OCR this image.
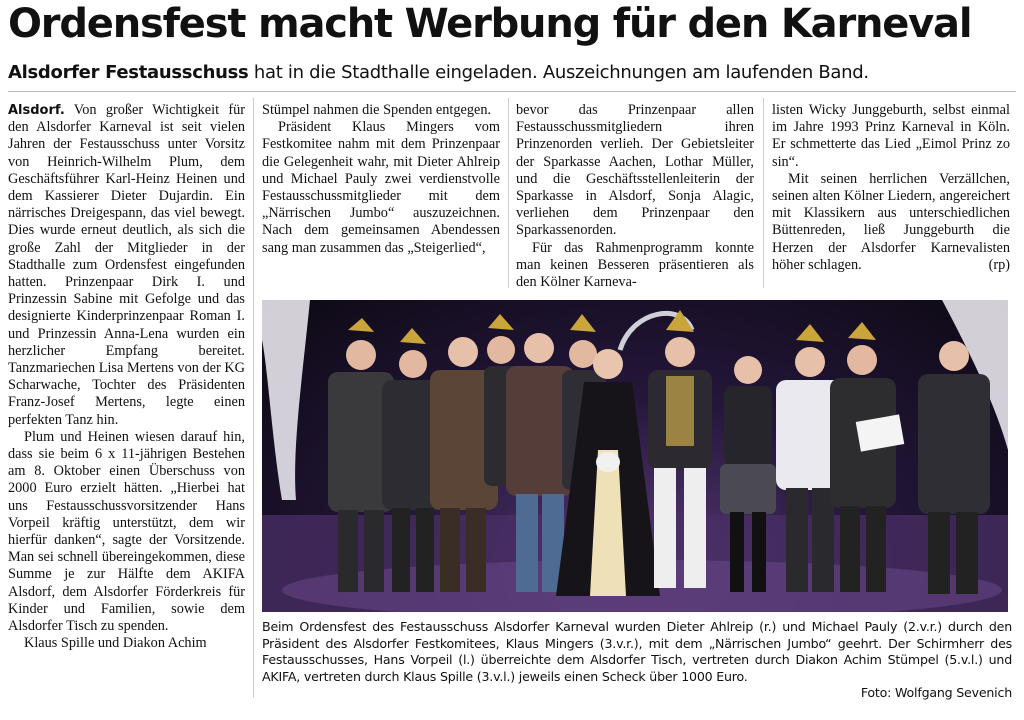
Ordensfest macht Werbung für den Karneval
Alsdorfer Festausschuss hat in die Stadthalle eingeladen. Auszeichnungen am laufenden Band.

Alsdorf. Von großer Wichtigkeit für den Alsdorfer Karneval ist seit vielen Jahren der Festausschuss unter Vorsitz von Heinrich-Wilhelm Plum, dem Geschäftsführer Karl-Heinz Heinen und dem Kassierer Dieter Dujardin. Ein närrisches Dreigespann, das viel bewegt. Dies wurde erneut deutlich, als sich die große Zahl der Mitglieder in der Stadthalle zum Ordensfest eingefunden hatten. Prinzenpaar Dirk I. und Prinzessin Sabine mit Gefolge und das designierte Kinderprinzenpaar Roman I. und Prinzessin Anna-Lena wurden ein herzlicher Empfang bereitet. Tanzmariechen Lisa Mertens von der KG Scharwache, Tochter des Präsidenten Franz-Josef Mertens, legte einen perfekten Tanz hin.

Plum und Heinen wiesen darauf hin, dass sie beim 6 x 11-jährigen Bestehen am 8. Oktober einen Überschuss von 2000 Euro erzielt hätten. „Hierbei hat uns Festausschussvorsitzender Hans Vorpeil kräftig unterstützt, dem wir hierfür danken“, sagte der Vorsitzende. Man sei schnell übereingekommen, diese Summe je zur Hälfte dem AKIFA Alsdorf, dem Alsdorfer Förderkreis für Kinder und Familien, sowie dem Alsdorfer Tisch zu spenden.

Klaus Spille und Diakon Achim

Stümpel nahmen die Spenden entgegen.

Präsident Klaus Mingers vom Festkomitee nahm mit dem Prinzenpaar die Gelegenheit wahr, mit Dieter Ahlreip und Michael Pauly zwei verdienstvolle Festausschussmitglieder mit dem „Närrischen Jumbo“ auszuzeichnen. Nach dem gemeinsamen Abendessen sang man zusammen das „Steigerlied“,

bevor das Prinzenpaar allen Festausschussmitgliedern ihren Prinzenorden verlieh. Der Gebietsleiter der Sparkasse Aachen, Lothar Müller, und die Geschäftsstellenleiterin der Sparkasse in Alsdorf, Sonja Alagic, verliehen dem Prinzenpaar den Sparkassenorden.

Für das Rahmenprogramm konnte man keinen Besseren präsentieren als den Kölner Karneva-

listen Wicky Junggeburth, selbst einmal im Jahre 1993 Prinz Karneval in Köln. Er schmetterte das Lied „Eimol Prinz zo sin“.

Mit seinen herrlichen Verzällchen, seinen alten Kölner Liedern, angereichert mit Klassikern aus unterschiedlichen Büttenreden, ließ Junggeburth die Herzen der Alsdorfer Karnevalisten höher schlagen.	(rp)

Beim Ordensfest des Festausschuss Alsdorfer Karneval wurden Dieter Ahlreip (r.) und Michael Pauly (2.v.r.) durch den Präsident des Alsdorfer Festkomitees, Klaus Mingers (3.v.r.), mit dem „Närrischen Jumbo“ geehrt. Der Schirmherr des Festausschusses, Hans Vorpeil (l.) überreichte dem Alsdorfer Tisch, vertreten durch Diakon Achim Stümpel (5.v.l.) und AKIFA, vertreten durch Klaus Spille (3.v.l.) jeweils einen Scheck über 1000 Euro.
Foto: Wolfgang Sevenich
